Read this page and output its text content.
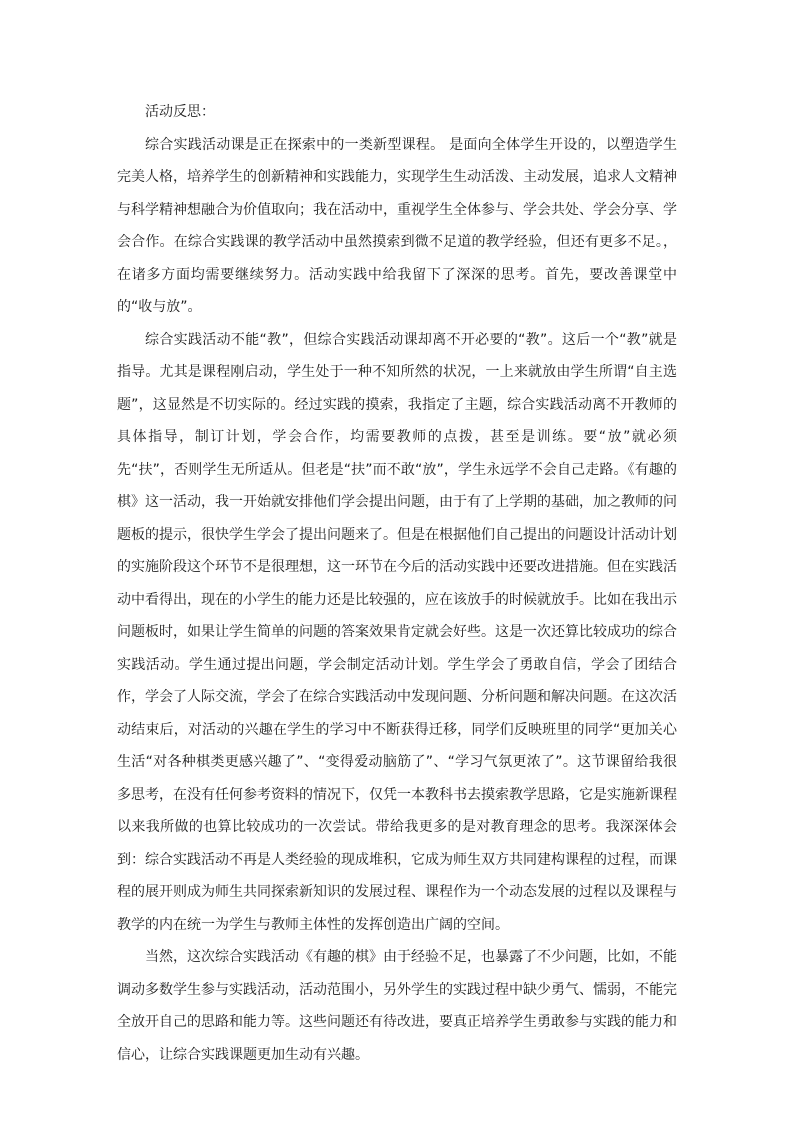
活动反思：

综合实践活动课是正在探索中的一类新型课程。 是面向全体学生开设的，以塑造学生完美人格，培养学生的创新精神和实践能力，实现学生生动活泼、主动发展，追求人文精神与科学精神想融合为价值取向；我在活动中，重视学生全体参与、学会共处、学会分享、学会合作。在综合实践课的教学活动中虽然摸索到微不足道的教学经验，但还有更多不足。，在诸多方面均需要继续努力。活动实践中给我留下了深深的思考。首先，要改善课堂中的“收与放”。

综合实践活动不能“教”，但综合实践活动课却离不开必要的“教”。这后一个“教”就是指导。尤其是课程刚启动，学生处于一种不知所然的状况，一上来就放由学生所谓“自主选题”，这显然是不切实际的。经过实践的摸索，我指定了主题，综合实践活动离不开教师的具体指导，制订计划，学会合作，均需要教师的点拨，甚至是训练。要“放”就必须先“扶”，否则学生无所适从。但老是“扶”而不敢“放”，学生永远学不会自己走路。《有趣的棋》这一活动，我一开始就安排他们学会提出问题，由于有了上学期的基础，加之教师的问题板的提示，很快学生学会了提出问题来了。但是在根据他们自己提出的问题设计活动计划的实施阶段这个环节不是很理想，这一环节在今后的活动实践中还要改进措施。但在实践活动中看得出，现在的小学生的能力还是比较强的，应在该放手的时候就放手。比如在我出示问题板时，如果让学生简单的问题的答案效果肯定就会好些。这是一次还算比较成功的综合实践活动。学生通过提出问题，学会制定活动计划。学生学会了勇敢自信，学会了团结合作，学会了人际交流，学会了在综合实践活动中发现问题、分析问题和解决问题。在这次活动结束后，对活动的兴趣在学生的学习中不断获得迁移，同学们反映班里的同学“更加关心生活“对各种棋类更感兴趣了”、“变得爱动脑筋了”、“学习气氛更浓了”。这节课留给我很多思考，在没有任何参考资料的情况下，仅凭一本教科书去摸索教学思路，它是实施新课程以来我所做的也算比较成功的一次尝试。带给我更多的是对教育理念的思考。我深深体会到：综合实践活动不再是人类经验的现成堆积，它成为师生双方共同建构课程的过程，而课程的展开则成为师生共同探索新知识的发展过程、课程作为一个动态发展的过程以及课程与教学的内在统一为学生与教师主体性的发挥创造出广阔的空间。

当然，这次综合实践活动《有趣的棋》由于经验不足，也暴露了不少问题，比如，不能调动多数学生参与实践活动，活动范围小，另外学生的实践过程中缺少勇气、懦弱，不能完全放开自己的思路和能力等。这些问题还有待改进，要真正培养学生勇敢参与实践的能力和信心，让综合实践课题更加生动有兴趣。
